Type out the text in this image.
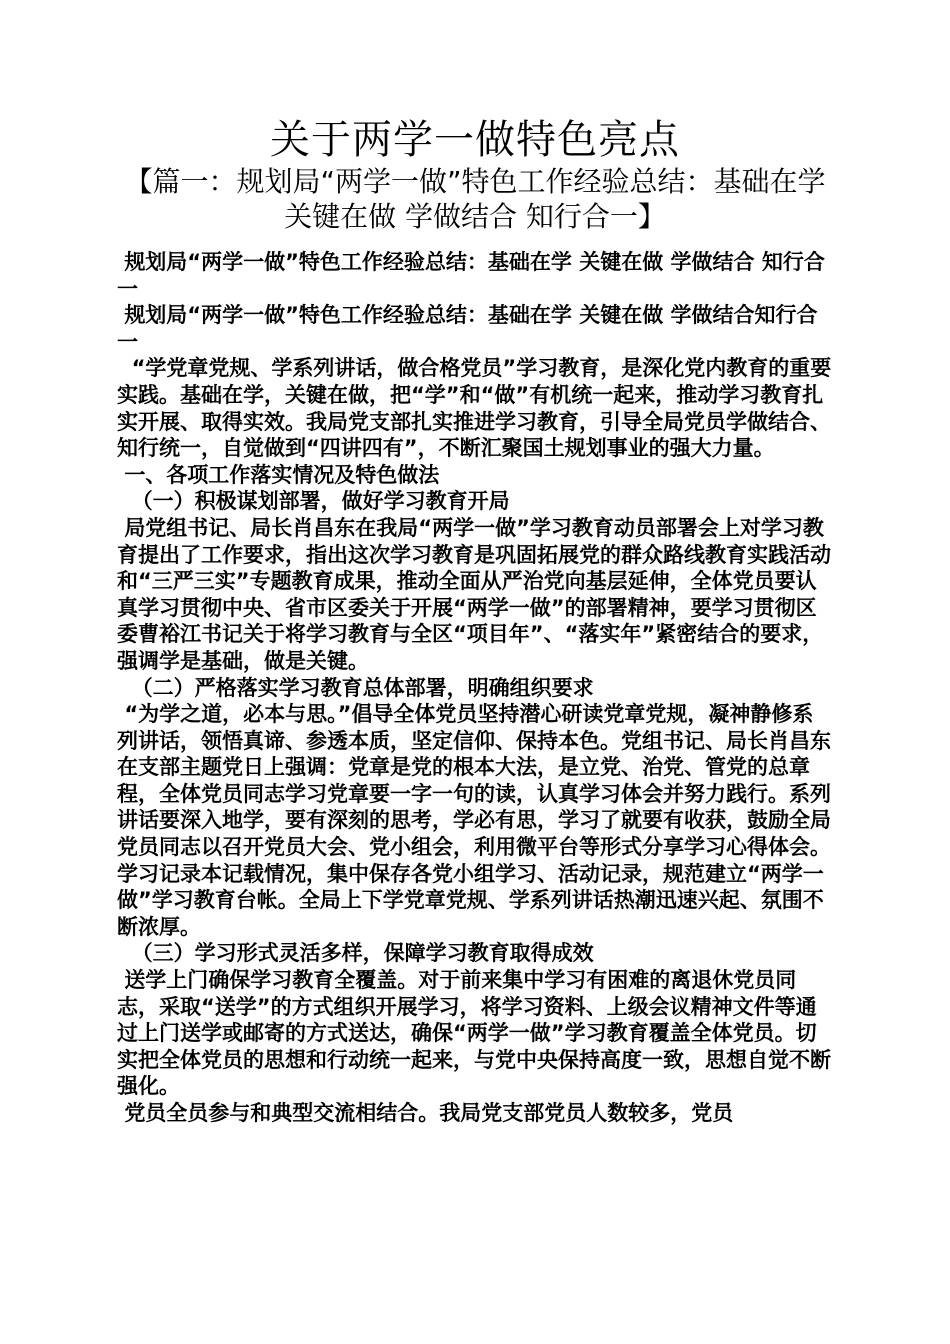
关于两学一做特色亮点
【篇一：规划局“两学一做”特色工作经验总结：基础在学 关键在做 学做结合 知行合一】

规划局“两学一做”特色工作经验总结：基础在学 关键在做 学做结合 知行合一

规划局“两学一做”特色工作经验总结：基础在学 关键在做 学做结合知行合一

“学党章党规、学系列讲话，做合格党员”学习教育，是深化党内教育的重要实践。基础在学，关键在做，把“学”和“做”有机统一起来，推动学习教育扎实开展、取得实效。我局党支部扎实推进学习教育，引导全局党员学做结合、知行统一，自觉做到“四讲四有”，不断汇聚国土规划事业的强大力量。

一、各项工作落实情况及特色做法

（一）积极谋划部署，做好学习教育开局

局党组书记、局长肖昌东在我局“两学一做”学习教育动员部署会上对学习教育提出了工作要求，指出这次学习教育是巩固拓展党的群众路线教育实践活动和“三严三实”专题教育成果，推动全面从严治党向基层延伸，全体党员要认真学习贯彻中央、省市区委关于开展“两学一做”的部署精神，要学习贯彻区委曹裕江书记关于将学习教育与全区“项目年”、“落实年”紧密结合的要求，强调学是基础，做是关键。

（二）严格落实学习教育总体部署，明确组织要求

“为学之道，必本与思。”倡导全体党员坚持潜心研读党章党规，凝神静修系列讲话，领悟真谛、参透本质，坚定信仰、保持本色。党组书记、局长肖昌东在支部主题党日上强调：党章是党的根本大法，是立党、治党、管党的总章程，全体党员同志学习党章要一字一句的读，认真学习体会并努力践行。系列讲话要深入地学，要有深刻的思考，学必有思，学习了就要有收获，鼓励全局党员同志以召开党员大会、党小组会，利用微平台等形式分享学习心得体会。

学习记录本记载情况，集中保存各党小组学习、活动记录，规范建立“两学一做”学习教育台帐。全局上下学党章党规、学系列讲话热潮迅速兴起、氛围不断浓厚。

（三）学习形式灵活多样，保障学习教育取得成效

送学上门确保学习教育全覆盖。对于前来集中学习有困难的离退休党员同志，采取“送学”的方式组织开展学习，将学习资料、上级会议精神文件等通过上门送学或邮寄的方式送达，确保“两学一做”学习教育覆盖全体党员。切实把全体党员的思想和行动统一起来，与党中央保持高度一致，思想自觉不断强化。

党员全员参与和典型交流相结合。我局党支部党员人数较多，党员
